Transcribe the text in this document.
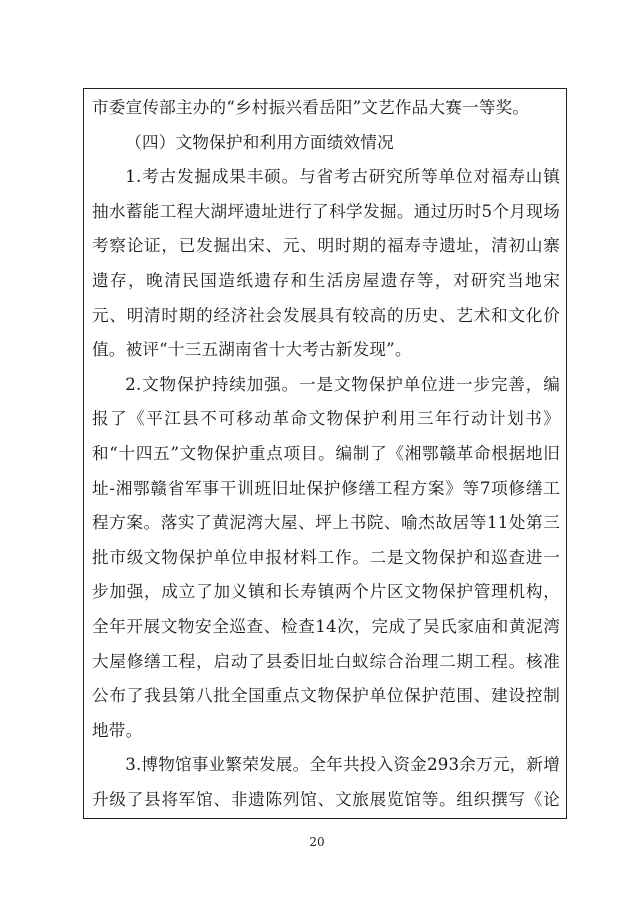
市委宣传部主办的“乡村振兴看岳阳”文艺作品大赛一等奖。

（四）文物保护和利用方面绩效情况

1.考古发掘成果丰硕。与省考古研究所等单位对福寿山镇抽水蓄能工程大湖坪遗址进行了科学发掘。通过历时5个月现场考察论证，已发掘出宋、元、明时期的福寿寺遗址，清初山寨遗存，晚清民国造纸遗存和生活房屋遗存等，对研究当地宋元、明清时期的经济社会发展具有较高的历史、艺术和文化价值。被评“十三五湖南省十大考古新发现”。

2.文物保护持续加强。一是文物保护单位进一步完善，编报了《平江县不可移动革命文物保护利用三年行动计划书》和“十四五”文物保护重点项目。编制了《湘鄂赣革命根据地旧址-湘鄂赣省军事干训班旧址保护修缮工程方案》等7项修缮工程方案。落实了黄泥湾大屋、坪上书院、喻杰故居等11处第三批市级文物保护单位申报材料工作。二是文物保护和巡查进一步加强，成立了加义镇和长寿镇两个片区文物保护管理机构，全年开展文物安全巡查、检查14次，完成了吴氏家庙和黄泥湾大屋修缮工程，启动了县委旧址白蚁综合治理二期工程。核准公布了我县第八批全国重点文物保护单位保护范围、建设控制地带。

3.博物馆事业繁荣发展。全年共投入资金293余万元，新增升级了县将军馆、非遗陈列馆、文旅展览馆等。组织撰写《论

20
